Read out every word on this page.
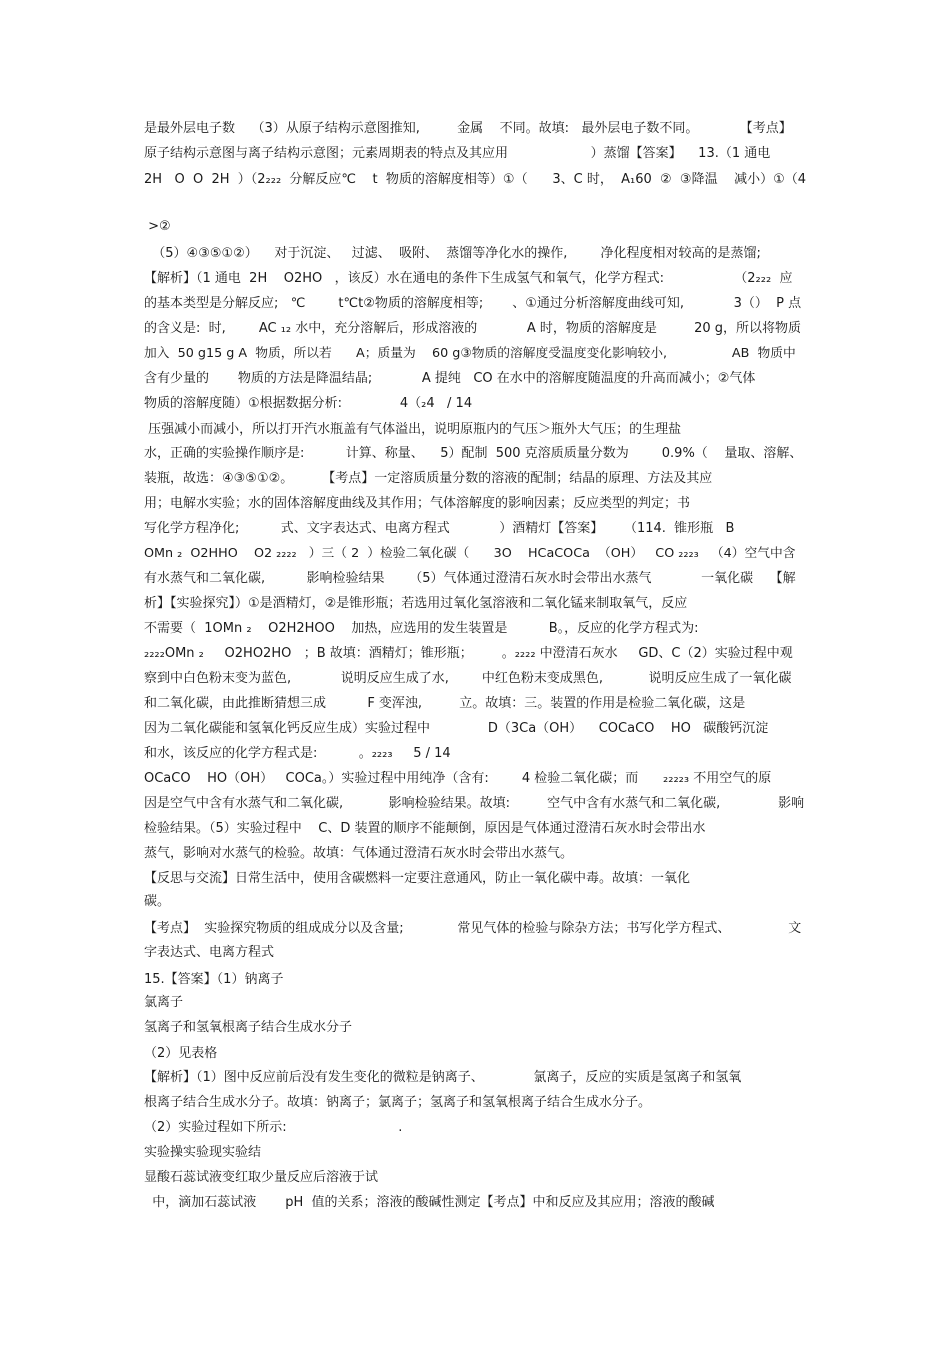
是最外层电子数    （3）从原子结构示意图推知,         金属    不同。故填:   最外层电子数不同。          【考点】
原子结构示意图与离子结构示意图；元素周期表的特点及其应用                    ）蒸馏【答案】    13.（1 通电
2H   O  O  2H  ）（2₂₂₂  分解反应℃    t  物质的溶解度相等）①（      3、C 时，  A₁60  ②  ③降温    减小）①（4
>②
（5）④③⑤①②）    对于沉淀、   过滤、  吸附、  蒸馏等净化水的操作,        净化程度相对较高的是蒸馏;
【解析】（1 通电  2H    O2HO   ，该反）水在通电的条件下生成氢气和氧气，化学方程式:                 （2₂₂₂  应
的基本类型是分解反应;   ℃        t℃t②物质的溶解度相等;       、①通过分析溶解度曲线可知,            3（）  P 点
的含义是:  时,        AC ₁₂ 水中，充分溶解后，形成溶液的            A 时，物质的溶解度是         20 g，所以将物质
加入  50 g15 g A  物质，所以若      A；质量为    60 g③物质的溶解度受温度变化影响较小,                AB  物质中
含有少量的       物质的方法是降温结晶;            A 提纯   CO 在水中的溶解度随温度的升高而减小；②气体
物质的溶解度随）①根据数据分析:              4（₂4   / 14
压强减小而减小，所以打开汽水瓶盖有气体溢出，说明原瓶内的气压＞瓶外大气压；的生理盐
水，正确的实验操作顺序是:          计算、称量、    5）配制  500 克溶质质量分数为        0.9%（    量取、溶解、
装瓶，故选：④③⑤①②。       【考点】一定溶质质量分数的溶液的配制；结晶的原理、方法及其应
用；电解水实验；水的固体溶解度曲线及其作用；气体溶解度的影响因素；反应类型的判定；书
写化学方程净化;          式、文字表达式、电离方程式            ）酒精灯【答案】     （114.  锥形瓶   B
OMn ₂  O2HHO    O2 ₂₂₂₂   ）三（ 2  ）检验二氧化碳（      3O    HCaCOCa  （OH）   CO ₂₂₂₃   （4）空气中含
有水蒸气和二氧化碳,          影响检验结果      （5）气体通过澄清石灰水时会带出水蒸气            一氧化碳    【解
析】【实验探究】）①是酒精灯，②是锥形瓶；若选用过氧化氢溶液和二氧化锰来制取氧气，反应
不需要（  1OMn ₂    O2H2HOO    加热，应选用的发生装置是          B。，反应的化学方程式为:
₂₂₂₂OMn ₂     O2HO2HO   ；B 故填：酒精灯；锥形瓶；       。₂₂₂₂ 中澄清石灰水     GD、C（2）实验过程中观
察到中白色粉末变为蓝色,            说明反应生成了水,        中红色粉末变成黑色,           说明反应生成了一氧化碳
和二氧化碳，由此推断猜想三成          F 变浑浊,         立。故填：三。装置的作用是检验二氧化碳，这是
因为二氧化碳能和氢氧化钙反应生成）实验过程中              D（3Ca（OH）    COCaCO    HO   碳酸钙沉淀
和水，该反应的化学方程式是:          。₂₂₂₃     5 / 14
OCaCO    HO（OH）   COCa。）实验过程中用纯净（含有:        4 检验二氧化碳；而      ₂₂₂₂₃ 不用空气的原
因是空气中含有水蒸气和二氧化碳,           影响检验结果。故填:         空气中含有水蒸气和二氧化碳,              影响
检验结果。（5）实验过程中    C、D 装置的顺序不能颠倒，原因是气体通过澄清石灰水时会带出水
蒸气，影响对水蒸气的检验。故填：气体通过澄清石灰水时会带出水蒸气。
【反思与交流】日常生活中，使用含碳燃料一定要注意通风，防止一氧化碳中毒。故填：一氧化
碳。
【考点】  实验探究物质的组成成分以及含量;             常见气体的检验与除杂方法；书写化学方程式、              文
字表达式、电离方程式
15.【答案】（1）钠离子
氯离子
氢离子和氢氧根离子结合生成水分子
（2）见表格
【解析】（1）图中反应前后没有发生变化的微粒是钠离子、            氯离子，反应的实质是氢离子和氢氧
根离子结合生成水分子。故填：钠离子；氯离子；氢离子和氢氧根离子结合生成水分子。
（2）实验过程如下所示:                           .
实验操实验现实验结
显酸石蕊试液变红取少量反应后溶液于试
中，滴加石蕊试液       pH  值的关系；溶液的酸碱性测定【考点】中和反应及其应用；溶液的酸碱
